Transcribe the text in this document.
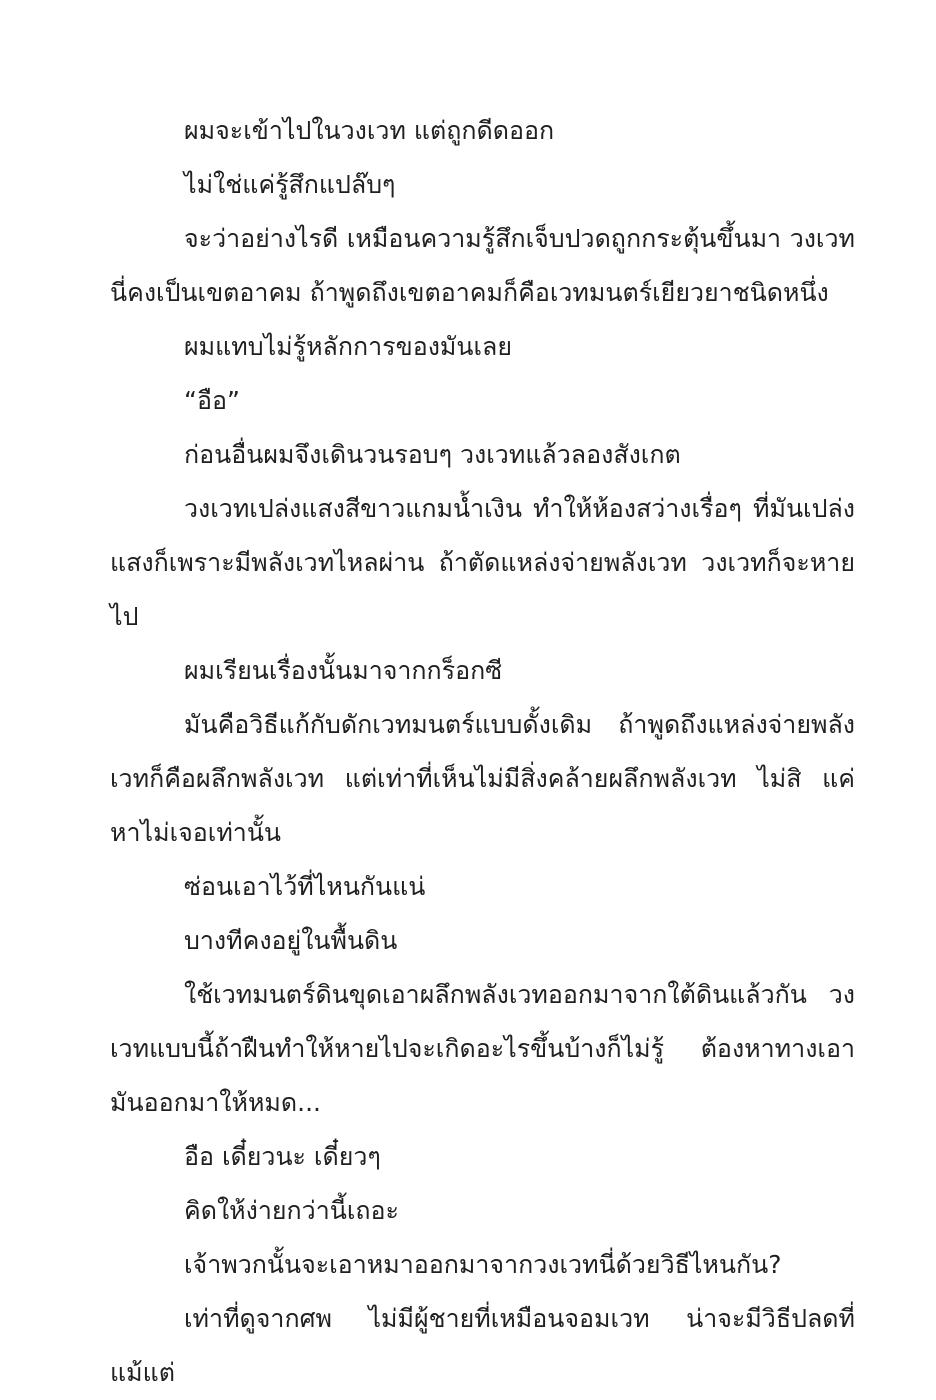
ผมจะเข้าไปในวงเวท แต่ถูกดีดออก

ไม่ใช่แค่รู้สึกแปล๊บๆ

จะว่าอย่างไรดี เหมือนความรู้สึกเจ็บปวดถูกกระตุ้นขึ้นมา วงเวทนี่คงเป็นเขตอาคม ถ้าพูดถึงเขตอาคมก็คือเวทมนตร์เยียวยาชนิดหนึ่ง

ผมแทบไม่รู้หลักการของมันเลย

“อือ”

ก่อนอื่นผมจึงเดินวนรอบๆ วงเวทแล้วลองสังเกต

วงเวทเปล่งแสงสีขาวแกมน้ำเงิน ทำให้ห้องสว่างเรื่อๆ ที่มันเปล่งแสงก็เพราะมีพลังเวทไหลผ่าน ถ้าตัดแหล่งจ่ายพลังเวท วงเวทก็จะหายไป

ผมเรียนเรื่องนั้นมาจากกร็อกซี

มันคือวิธีแก้กับดักเวทมนตร์แบบดั้งเดิม ถ้าพูดถึงแหล่งจ่ายพลังเวทก็คือผลึกพลังเวท แต่เท่าที่เห็นไม่มีสิ่งคล้ายผลึกพลังเวท ไม่สิ แค่หาไม่เจอเท่านั้น

ซ่อนเอาไว้ที่ไหนกันแน่

บางทีคงอยู่ในพื้นดิน

ใช้เวทมนตร์ดินขุดเอาผลึกพลังเวทออกมาจากใต้ดินแล้วกัน วงเวทแบบนี้ถ้าฝืนทำให้หายไปจะเกิดอะไรขึ้นบ้างก็ไม่รู้ ต้องหาทางเอามันออกมาให้หมด...

อือ เดี๋ยวนะ เดี๋ยวๆ

คิดให้ง่ายกว่านี้เถอะ

เจ้าพวกนั้นจะเอาหมาออกมาจากวงเวทนี่ด้วยวิธีไหนกัน?

เท่าที่ดูจากศพ ไม่มีผู้ชายที่เหมือนจอมเวท น่าจะมีวิธีปลดที่แม้แต่
